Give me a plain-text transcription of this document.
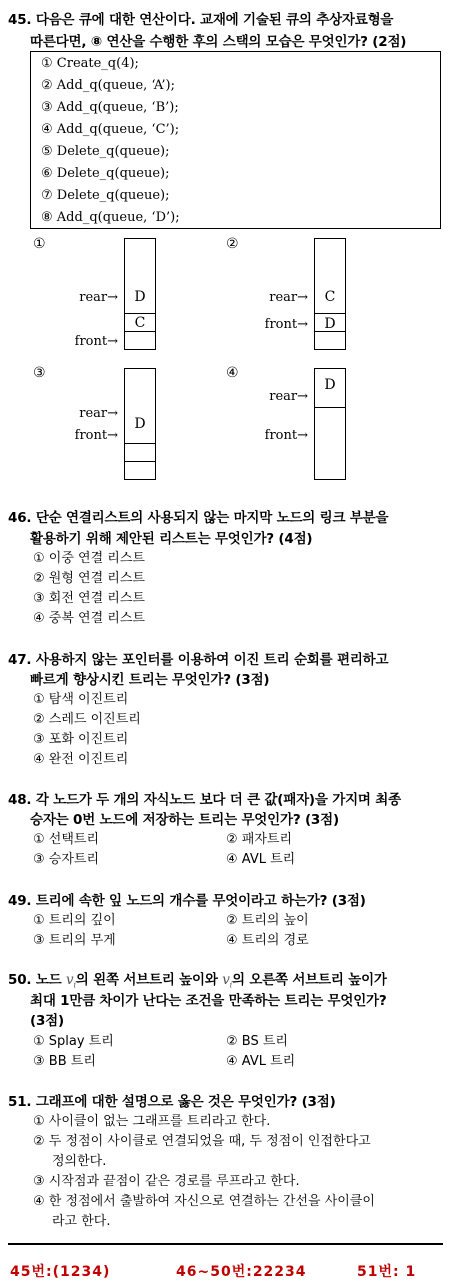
45. 다음은 큐에 대한 연산이다. 교재에 기술된 큐의 추상자료형을
따른다면, ⑧ 연산을 수행한 후의 스택의 모습은 무엇인가? (2점)
① Create_q(4);
② Add_q(queue, ‘A’);
③ Add_q(queue, ‘B’);
④ Add_q(queue, ‘C’);
⑤ Delete_q(queue);
⑥ Delete_q(queue);
⑦ Delete_q(queue);
⑧ Add_q(queue, ‘D’);
①
D
C
rear→
front→
②
C
D
rear→
front→
③
D
rear→
front→
④
D
rear→
front→
46. 단순 연결리스트의 사용되지 않는 마지막 노드의 링크 부분을
활용하기 위해 제안된 리스트는 무엇인가? (4점)
① 이중 연결 리스트
② 원형 연결 리스트
③ 회전 연결 리스트
④ 중복 연결 리스트
47. 사용하지 않는 포인터를 이용하여 이진 트리 순회를 편리하고
빠르게 향상시킨 트리는 무엇인가? (3점)
① 탐색 이진트리
② 스레드 이진트리
③ 포화 이진트리
④ 완전 이진트리
48. 각 노드가 두 개의 자식노드 보다 더 큰 값(패자)을 가지며 최종
승자는 0번 노드에 저장하는 트리는 무엇인가? (3점)
① 선택트리	② 패자트리
③ 승자트리	④ AVL 트리
49. 트리에 속한 잎 노드의 개수를 무엇이라고 하는가? (3점)
① 트리의 깊이	② 트리의 높이
③ 트리의 무게	④ 트리의 경로
50. 노드 $v_i$의 왼쪽 서브트리 높이와 $v_i$의 오른쪽 서브트리 높이가
최대 1만큼 차이가 난다는 조건을 만족하는 트리는 무엇인가?
(3점)
① Splay 트리	② BS 트리
③ BB 트리	④ AVL 트리
51. 그래프에 대한 설명으로 옳은 것은 무엇인가? (3점)
① 사이클이 없는 그래프를 트리라고 한다.
② 두 정점이 사이클로 연결되었을 때, 두 정점이 인접한다고
정의한다.
③ 시작점과 끝점이 같은 경로를 루프라고 한다.
④ 한 정점에서 출발하여 자신으로 연결하는 간선을 사이클이
라고 한다.
45번:(1234)	46~50번:22234	51번: 1
